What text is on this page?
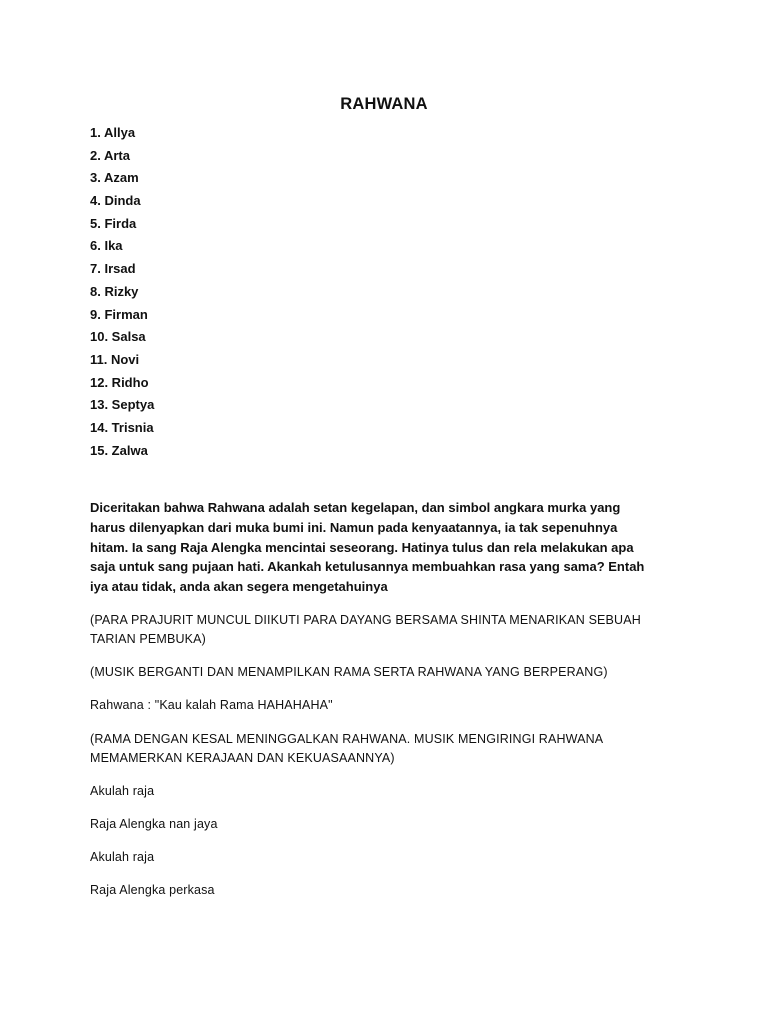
RAHWANA
1. Allya
2. Arta
3. Azam
4. Dinda
5. Firda
6. Ika
7. Irsad
8. Rizky
9. Firman
10. Salsa
11. Novi
12. Ridho
13. Septya
14. Trisnia
15. Zalwa

Diceritakan bahwa Rahwana adalah setan kegelapan, dan simbol angkara murka yang harus dilenyapkan dari muka bumi ini. Namun pada kenyaatannya, ia tak sepenuhnya hitam. Ia sang Raja Alengka mencintai seseorang. Hatinya tulus dan rela melakukan apa saja untuk sang pujaan hati. Akankah ketulusannya membuahkan rasa yang sama? Entah iya atau tidak, anda akan segera mengetahuinya

(PARA PRAJURIT MUNCUL DIIKUTI PARA DAYANG BERSAMA SHINTA MENARIKAN SEBUAH TARIAN PEMBUKA)

(MUSIK BERGANTI DAN MENAMPILKAN RAMA SERTA RAHWANA YANG BERPERANG)

Rahwana : "Kau kalah Rama HAHAHAHA"

(RAMA DENGAN KESAL MENINGGALKAN RAHWANA. MUSIK MENGIRINGI RAHWANA MEMAMERKAN KERAJAAN DAN KEKUASAANNYA)

Akulah raja

Raja Alengka nan jaya

Akulah raja

Raja Alengka perkasa
